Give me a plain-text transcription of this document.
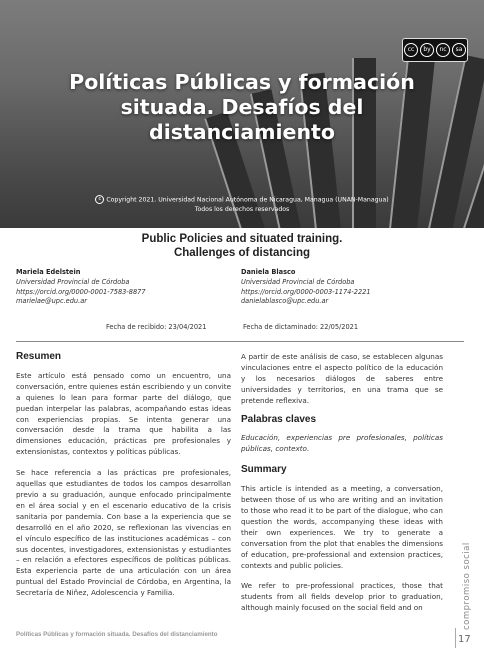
cc	by	nc	sa
Políticas Públicas y formación situada. Desafíos del distanciamiento
c Copyright 2021. Universidad Nacional Autónoma de Nicaragua, Managua (UNAN-Managua)
Todos los derechos reservados
Public Policies and situated training.
Challenges of distancing
Mariela Edelstein
Universidad Provincial de Córdoba
https://orcid.org/0000-0001-7583-8877
marielae@upc.edu.ar
Daniela Blasco
Universidad Provincial de Córdoba
https://orcid.org/0000-0003-1174-2221
danielablasco@upc.edu.ar
Fecha de recibido: 23/04/2021	Fecha de dictaminado: 22/05/2021
Resumen

Este artículo está pensado como un encuentro, una conversación, entre quienes están escribiendo y un convite a quienes lo lean para formar parte del diálogo, que puedan interpelar las palabras, acompañando estas ideas con experiencias propias. Se intenta generar una conversación desde la trama que habilita a las dimensiones educación, prácticas pre profesionales y extensionistas, contextos y políticas públicas.

Se hace referencia a las prácticas pre profesionales, aquellas que estudiantes de todos los campos desarrollan previo a su graduación, aunque enfocado principalmente en el área social y en el escenario educativo de la crisis sanitaria por pandemia. Con base a la experiencia que se desarrolló en el año 2020, se reflexionan las vivencias en el vínculo específico de las instituciones académicas – con sus docentes, investigadores, extensionistas y estudiantes – en relación a efectores específicos de políticas públicas. Esta experiencia parte de una articulación con un área puntual del Estado Provincial de Córdoba, en Argentina, la Secretaría de Niñez, Adolescencia y Familia.

A partir de este análisis de caso, se establecen algunas vinculaciones entre el aspecto político de la educación y los necesarios diálogos de saberes entre universidades y territorios, en una trama que se pretende reflexiva.

Palabras claves

Educación, experiencias pre profesionales, políticas públicas, contexto.

Summary

This article is intended as a meeting, a conversation, between those of us who are writing and an invitation to those who read it to be part of the dialogue, who can question the words, accompanying these ideas with their own experiences. We try to generate a conversation from the plot that enables the dimensions of education, pre-professional and extension practices, contexts and public policies.

We refer to pre-professional practices, those that students from all fields develop prior to graduation, although mainly focused on the social field and on	compromiso social
Políticas Públicas y formación situada. Desafíos del distanciamiento	17
